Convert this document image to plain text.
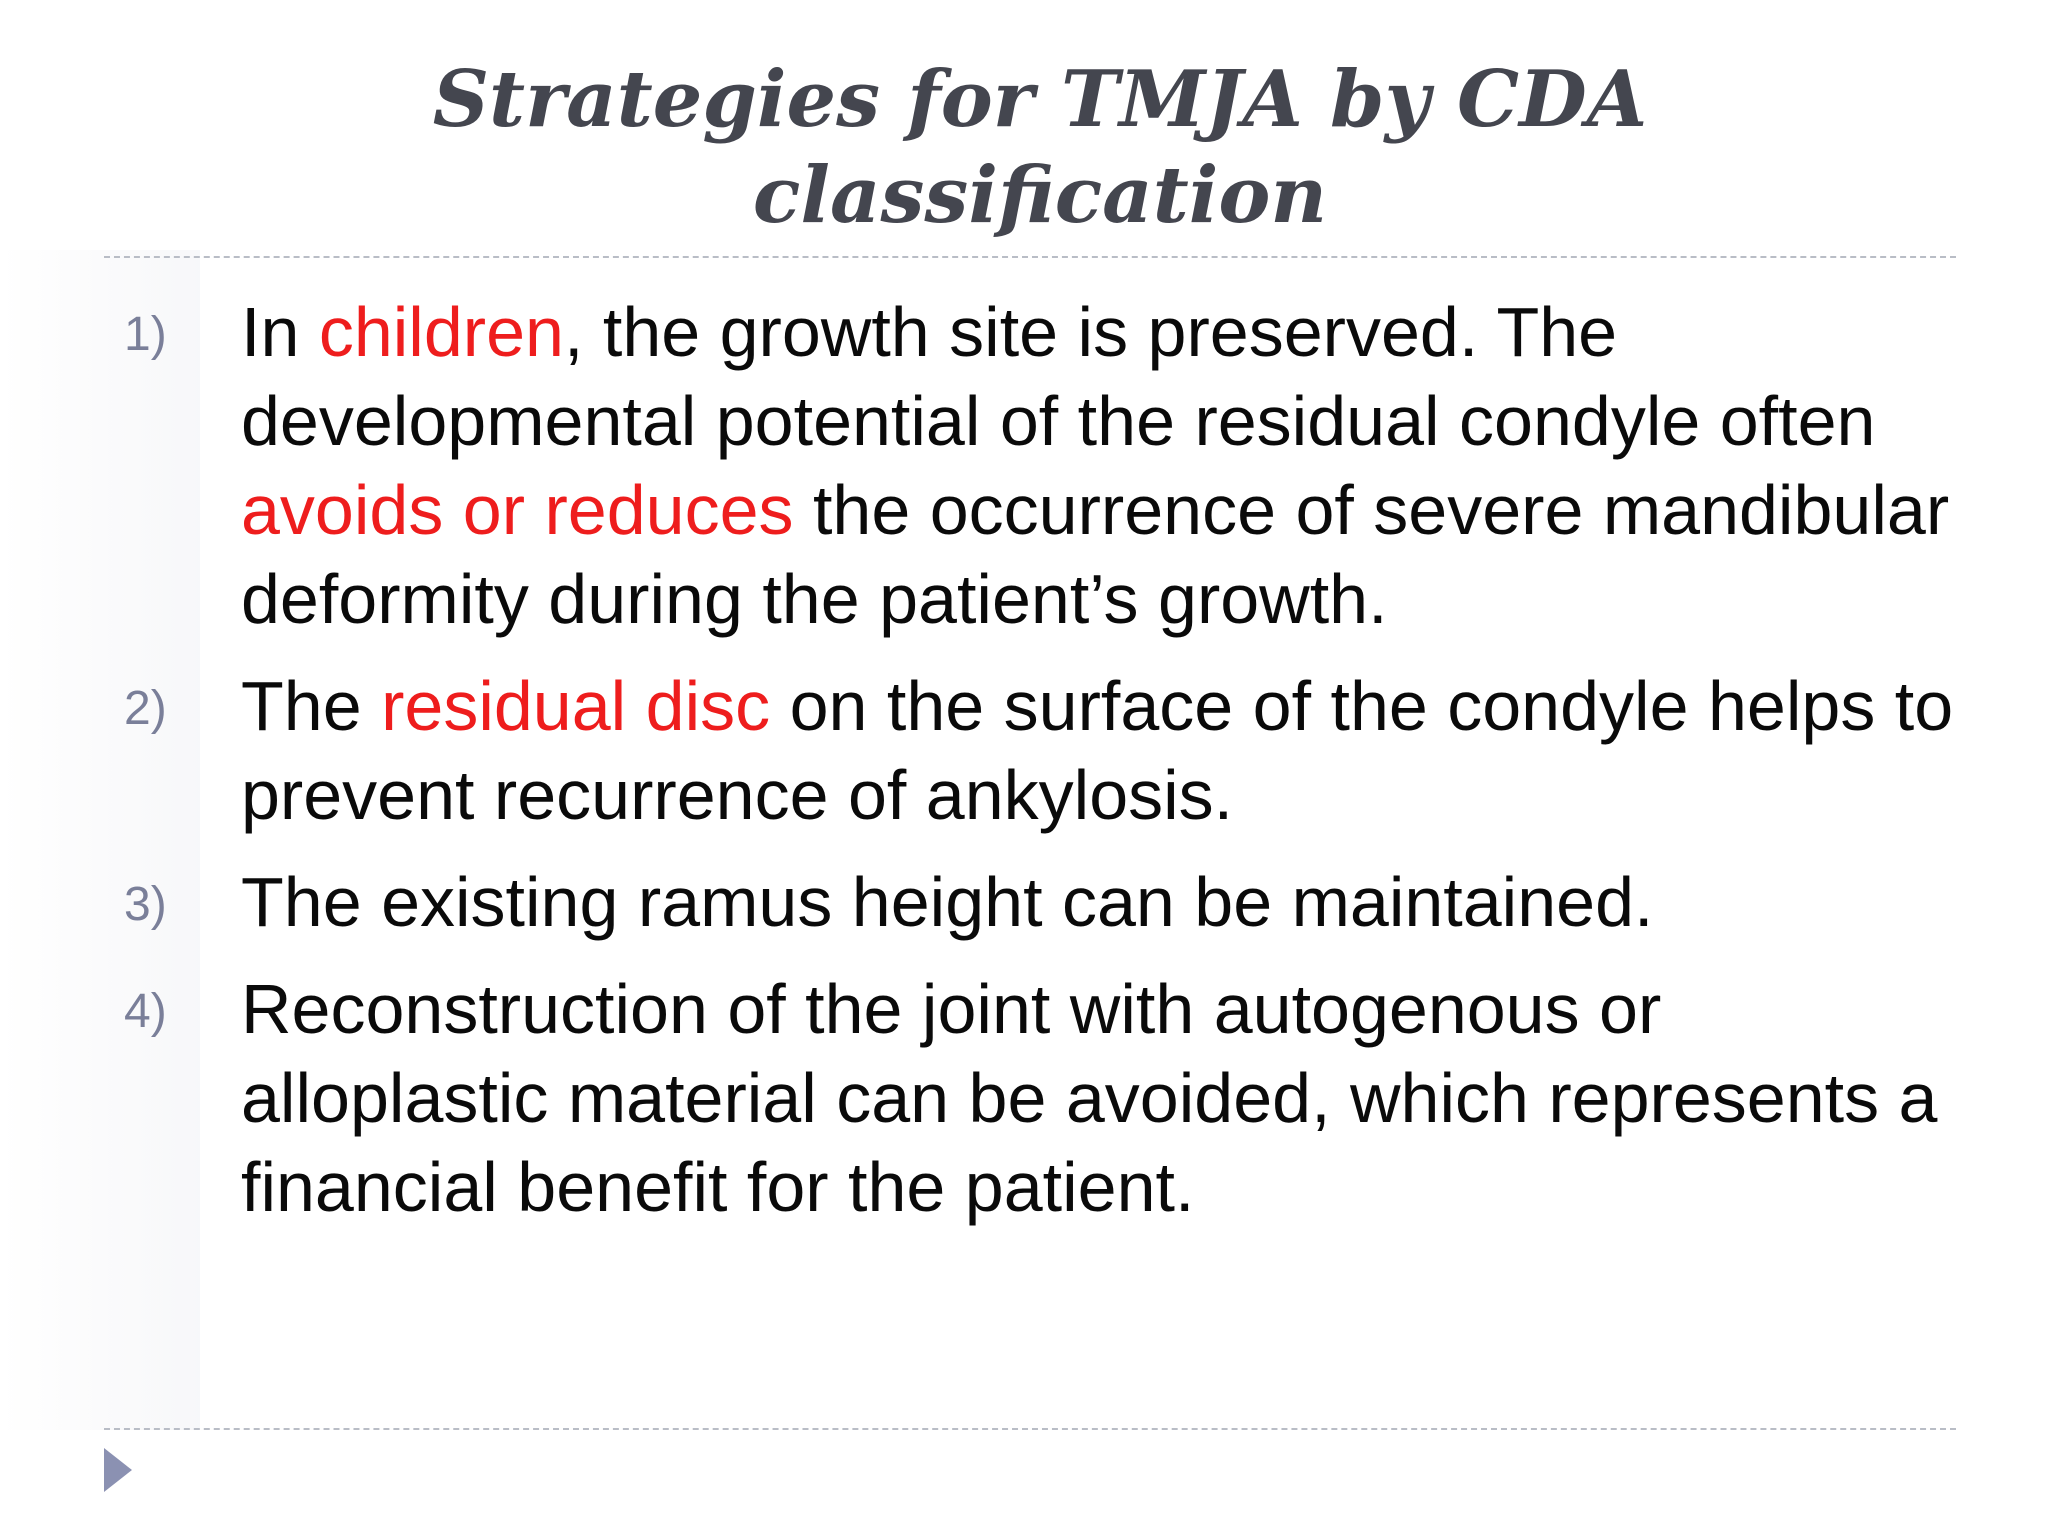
Strategies for TMJA by CDA
classification
1) In children, the growth site is preserved. The developmental potential of the residual condyle often avoids or reduces the occurrence of severe mandibular deformity during the patient’s growth.
2) The residual disc on the surface of the condyle helps to prevent recurrence of ankylosis.
3) The existing ramus height can be maintained.
4) Reconstruction of the joint with autogenous or alloplastic material can be avoided, which represents a financial benefit for the patient.
